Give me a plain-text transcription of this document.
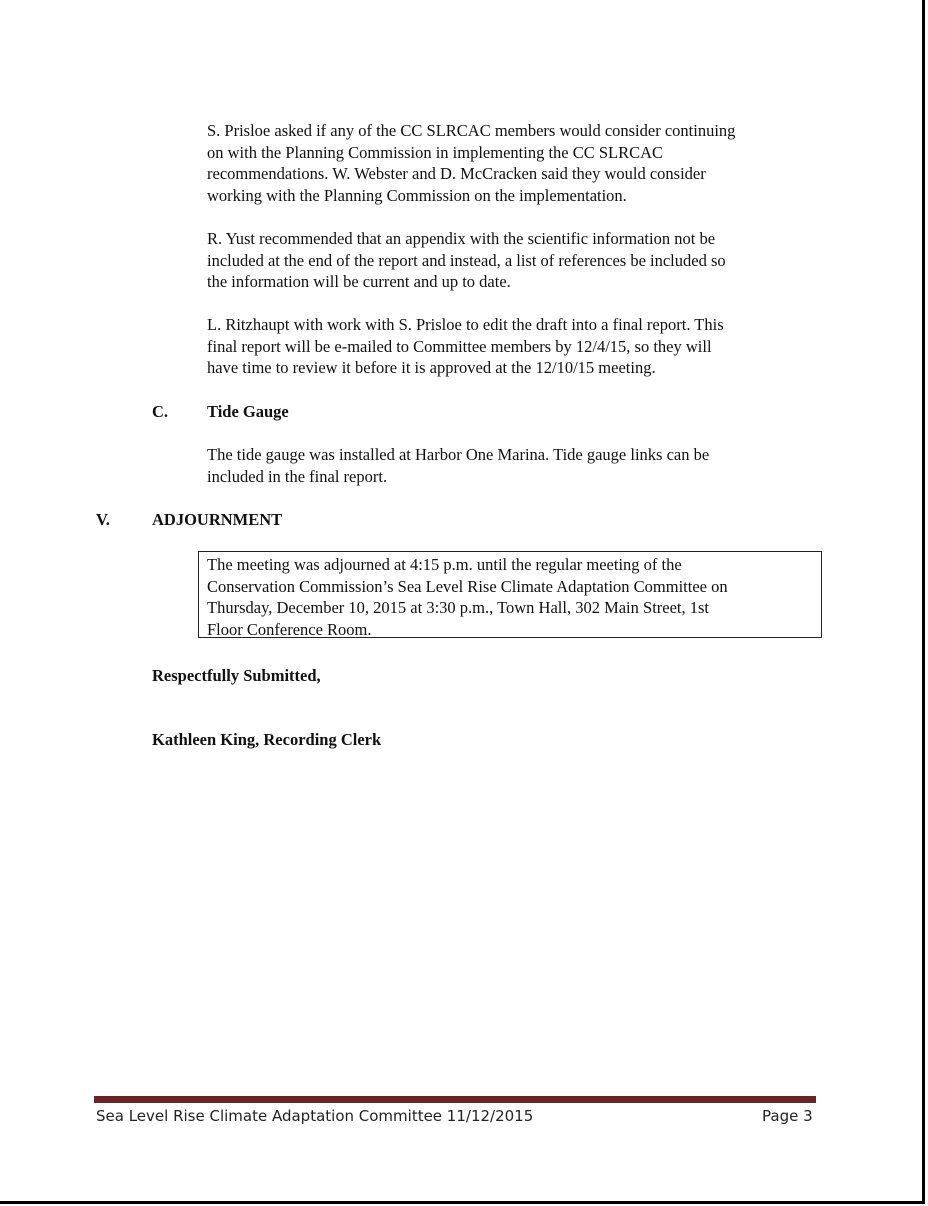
S. Prisloe asked if any of the CC SLRCAC members would consider continuing

on with the Planning Commission in implementing the CC SLRCAC

recommendations. W. Webster and D. McCracken said they would consider

working with the Planning Commission on the implementation.

R. Yust recommended that an appendix with the scientific information not be

included at the end of the report and instead, a list of references be included so

the information will be current and up to date.

L. Ritzhaupt with work with S. Prisloe to edit the draft into a final report. This

final report will be e-mailed to Committee members by 12/4/15, so they will

have time to review it before it is approved at the 12/10/15 meeting.

C. Tide Gauge

The tide gauge was installed at Harbor One Marina. Tide gauge links can be

included in the final report.

V.	ADJOURNMENT
The meeting was adjourned at 4:15 p.m. until the regular meeting of the
Conservation Commission’s Sea Level Rise Climate Adaptation Committee on
Thursday, December 10, 2015 at 3:30 p.m., Town Hall, 302 Main Street, 1st
Floor Conference Room.
Respectfully Submitted,
Kathleen King, Recording Clerk
Sea Level Rise Climate Adaptation Committee 11/12/2015	Page 3
